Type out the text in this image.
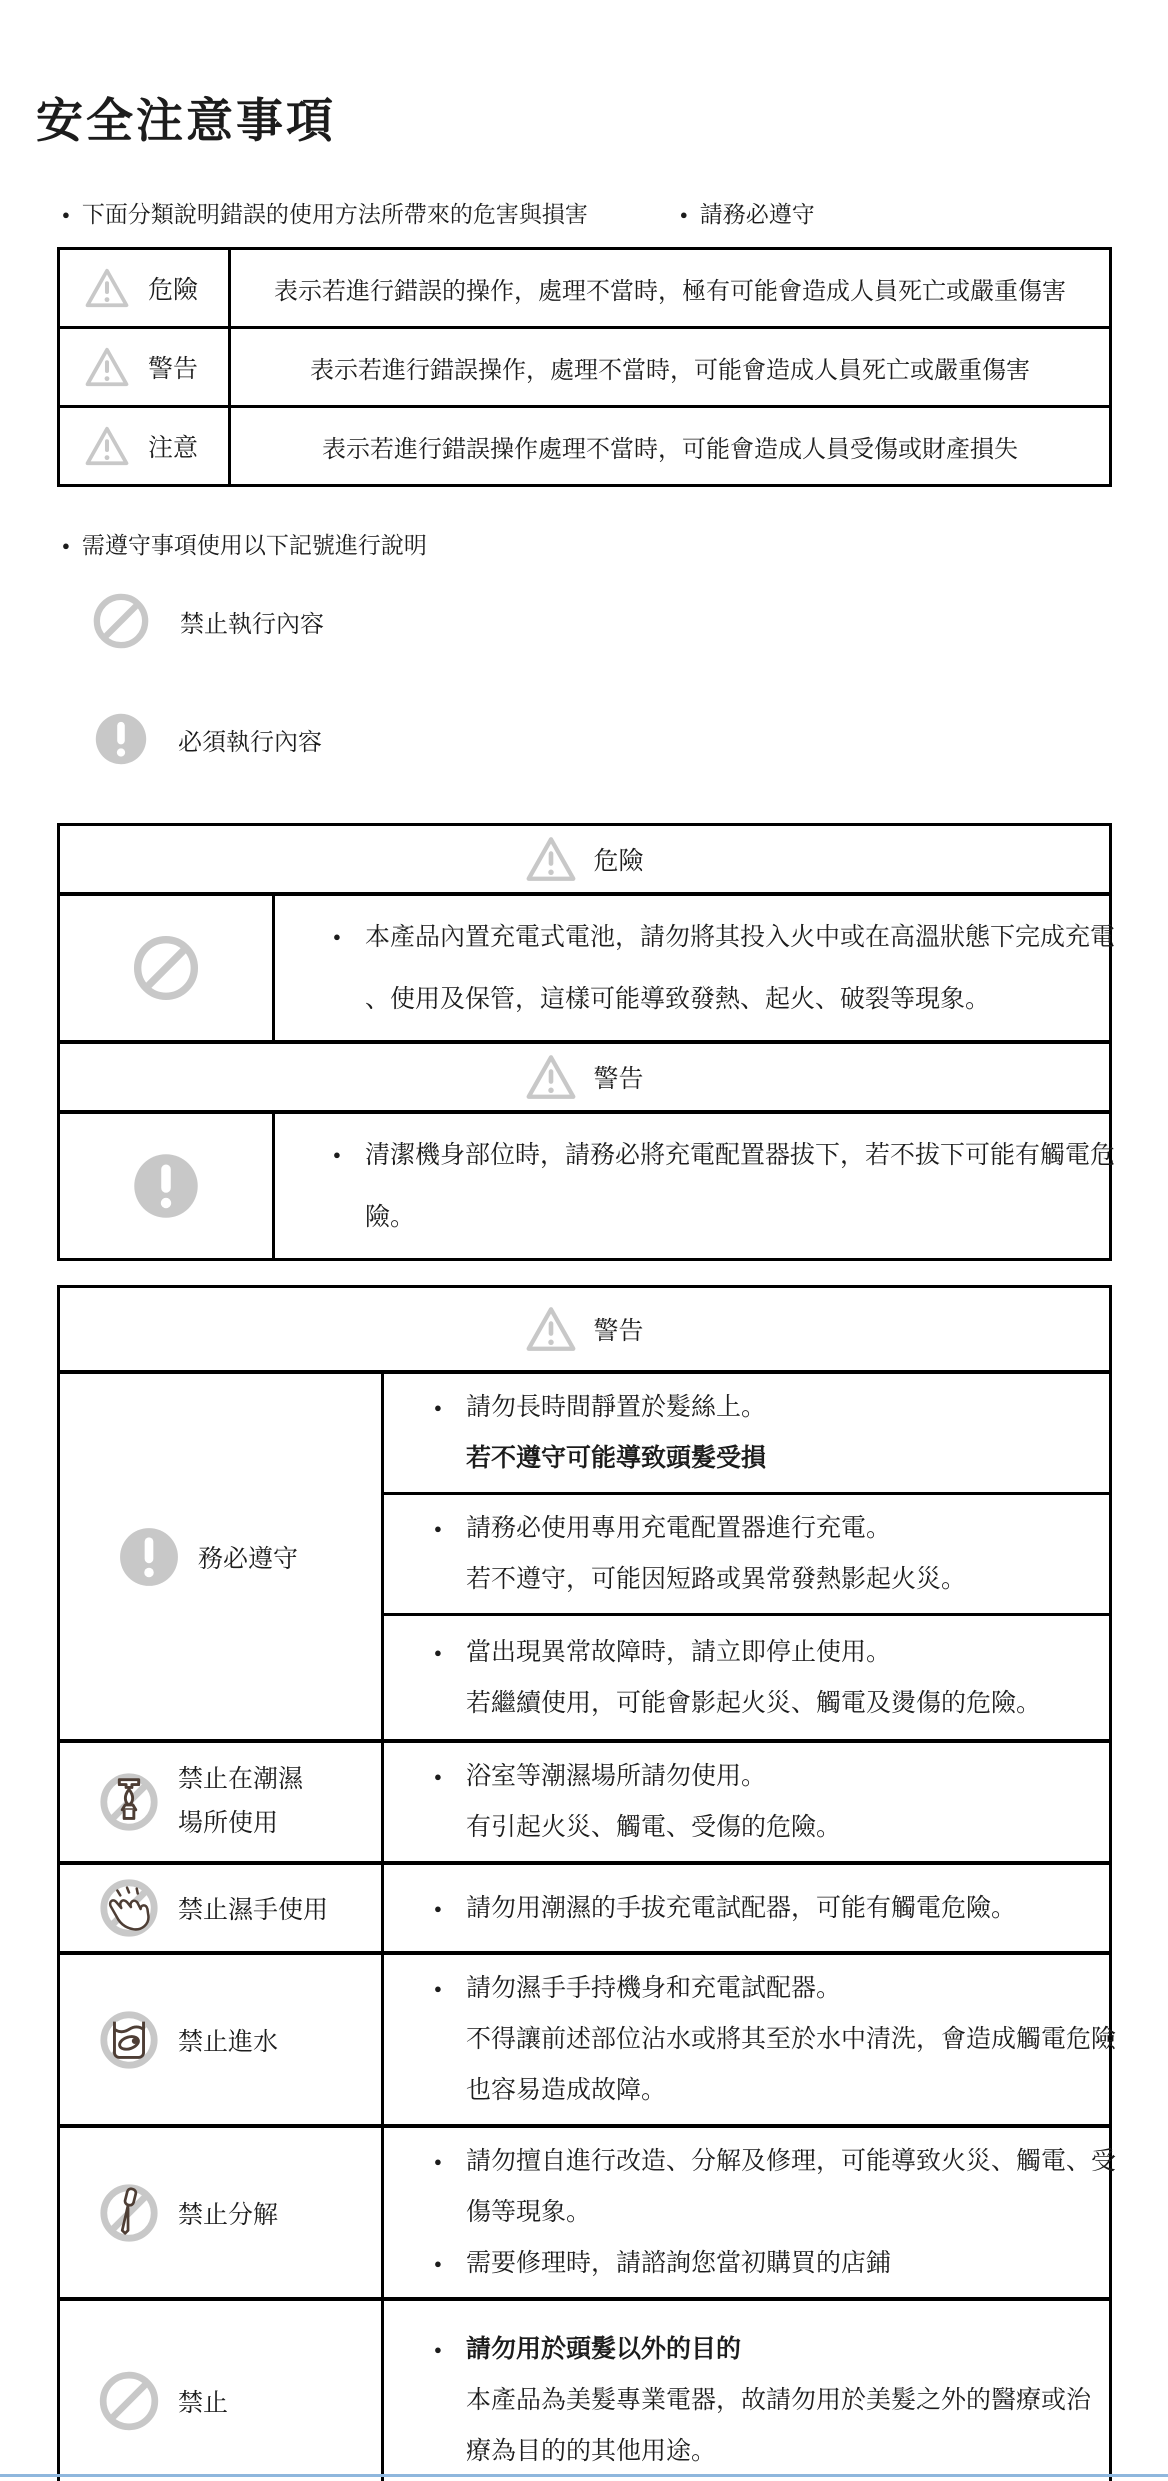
安全注意事項
● 下面分類說明錯誤的使用方法所帶來的危害與損害	● 請務必遵守
危險	表示若進行錯誤的操作，處理不當時，極有可能會造成人員死亡或嚴重傷害
警告	表示若進行錯誤操作，處理不當時，可能會造成人員死亡或嚴重傷害
注意	表示若進行錯誤操作處理不當時，可能會造成人員受傷或財產損失
● 需遵守事項使用以下記號進行說明
禁止執行內容
必須執行內容
危險
● 本產品內置充電式電池，請勿將其投入火中或在高溫狀態下完成充電
、使用及保管，這樣可能導致發熱、起火、破裂等現象。
警告
● 清潔機身部位時，請務必將充電配置器拔下，若不拔下可能有觸電危
險。
警告
務必遵守
● 請勿長時間靜置於髮絲上。
若不遵守可能導致頭髮受損
● 請務必使用專用充電配置器進行充電。
若不遵守，可能因短路或異常發熱影起火災。
● 當出現異常故障時，請立即停止使用。
若繼續使用，可能會影起火災、觸電及燙傷的危險。
禁止在潮濕
場所使用
● 浴室等潮濕場所請勿使用。
有引起火災、觸電、受傷的危險。
禁止濕手使用	● 請勿用潮濕的手拔充電試配器，可能有觸電危險。
禁止進水
● 請勿濕手手持機身和充電試配器。
不得讓前述部位沾水或將其至於水中清洗，會造成觸電危險
也容易造成故障。
禁止分解
● 請勿擅自進行改造、分解及修理，可能導致火災、觸電、受
傷等現象。
● 需要修理時，請諮詢您當初購買的店鋪
禁止
● 請勿用於頭髮以外的目的
本產品為美髮專業電器，故請勿用於美髮之外的醫療或治
療為目的的其他用途。
